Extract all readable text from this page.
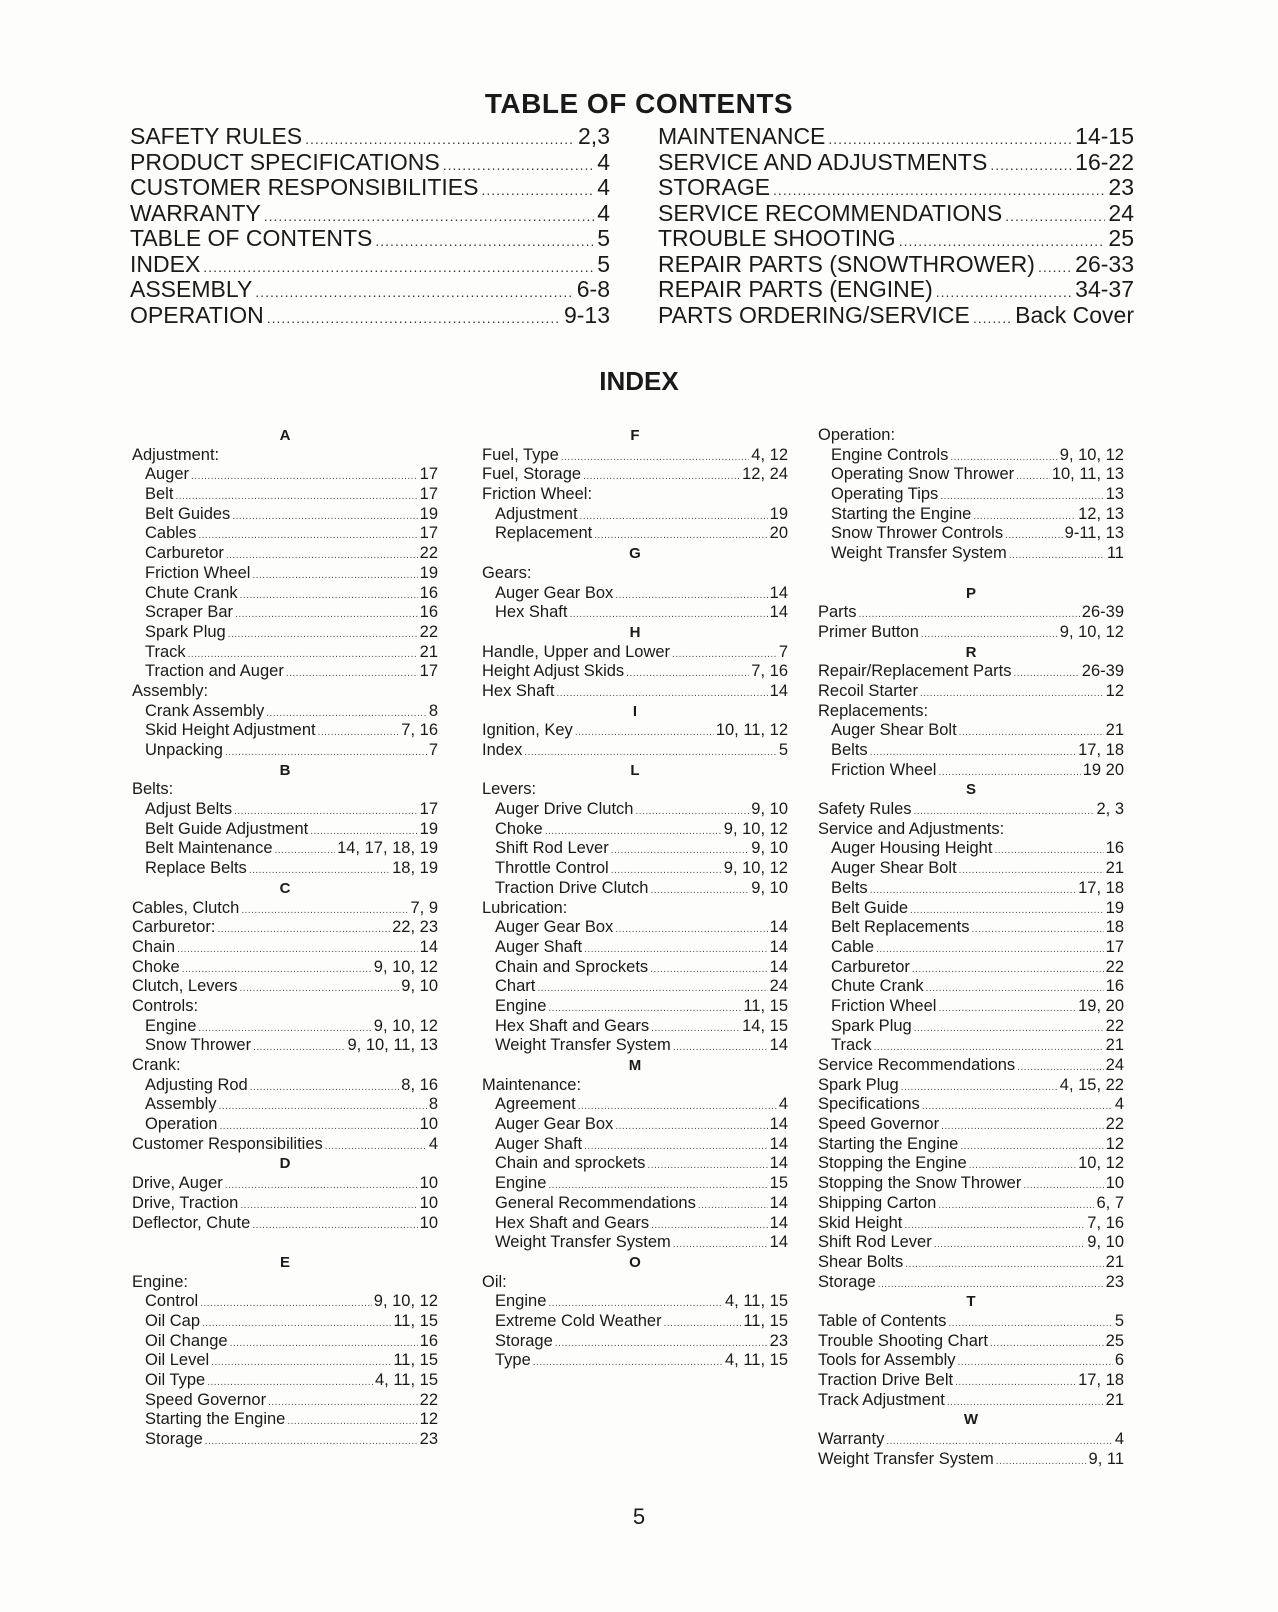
TABLE OF CONTENTS
SAFETY RULES .....	2,3
PRODUCT SPECIFICATIONS .....	4
CUSTOMER RESPONSIBILITIES .....	4
WARRANTY .....	4
TABLE OF CONTENTS .....	5
INDEX .....	5
ASSEMBLY .....	6-8
OPERATION .....	9-13
MAINTENANCE .....	14-15
SERVICE AND ADJUSTMENTS .....	16-22
STORAGE .....	23
SERVICE RECOMMENDATIONS .....	24
TROUBLE SHOOTING .....	25
REPAIR PARTS (SNOWTHROWER) ..... 26-33
REPAIR PARTS (ENGINE) .....	34-37
PARTS ORDERING/SERVICE ..... Back Cover
INDEX
A
Adjustment:
Auger .....	17
Belt .....	17
Belt Guides .....	19
Cables .....	17
Carburetor .....	22
Friction Wheel .....	19
Chute Crank .....	16
Scraper Bar .....	16
Spark Plug .....	22
Track .....	21
Traction and Auger .....	17
Assembly:
Crank Assembly .....	8
Skid Height Adjustment .....	7, 16
Unpacking .....	7
B
Belts:
Adjust Belts .....	17
Belt Guide Adjustment .....	19
Belt Maintenance .....	14, 17, 18, 19
Replace Belts .....	18, 19
C
Cables, Clutch .....	7, 9
Carburetor: .....	22, 23
Chain .....	14
Choke .....	9, 10, 12
Clutch, Levers .....	9, 10
Controls:
Engine .....	9, 10, 12
Snow Thrower .....	9, 10, 11, 13
Crank:
Adjusting Rod .....	8, 16
Assembly .....	8
Operation .....	10
Customer Responsibilities .....	4
D
Drive, Auger .....	10
Drive, Traction .....	10
Deflector, Chute .....	10
E
Engine:
Control .....	9, 10, 12
Oil Cap .....	11, 15
Oil Change .....	16
Oil Level .....	11, 15
Oil Type .....	4, 11, 15
Speed Governor .....	22
Starting the Engine .....	12
Storage .....	23
F
Fuel, Type .....	4, 12
Fuel, Storage .....	12, 24
Friction Wheel:
Adjustment .....	19
Replacement .....	20
G
Gears:
Auger Gear Box .....	14
Hex Shaft .....	14
H
Handle, Upper and Lower .....	7
Height Adjust Skids .....	7, 16
Hex Shaft .....	14
I
Ignition, Key .....	10, 11, 12
Index .....	5
L
Levers:
Auger Drive Clutch .....	9, 10
Choke .....	9, 10, 12
Shift Rod Lever .....	9, 10
Throttle Control .....	9, 10, 12
Traction Drive Clutch .....	9, 10
Lubrication:
Auger Gear Box .....	14
Auger Shaft .....	14
Chain and Sprockets .....	14
Chart .....	24
Engine .....	11, 15
Hex Shaft and Gears .....	14, 15
Weight Transfer System .....	14
M
Maintenance:
Agreement .....	4
Auger Gear Box .....	14
Auger Shaft .....	14
Chain and sprockets .....	14
Engine .....	15
General Recommendations .....	14
Hex Shaft and Gears .....	14
Weight Transfer System .....	14
O
Oil:
Engine .....	4, 11, 15
Extreme Cold Weather .....	11, 15
Storage .....	23
Type .....	4, 11, 15
Operation:
Engine Controls .....	9, 10, 12
Operating Snow Thrower ..... 10, 11, 13
Operating Tips .....	13
Starting the Engine .....	12, 13
Snow Thrower Controls .....	9-11, 13
Weight Transfer System .....	11
P
Parts .....	26-39
Primer Button .....	9, 10, 12
R
Repair/Replacement Parts .....	26-39
Recoil Starter .....	12
Replacements:
Auger Shear Bolt .....	21
Belts .....	17, 18
Friction Wheel .....	19 20
S
Safety Rules .....	2, 3
Service and Adjustments:
Auger Housing Height .....	16
Auger Shear Bolt .....	21
Belts .....	17, 18
Belt Guide .....	19
Belt Replacements .....	18
Cable .....	17
Carburetor .....	22
Chute Crank .....	16
Friction Wheel .....	19, 20
Spark Plug .....	22
Track .....	21
Service Recommendations .....	24
Spark Plug .....	4, 15, 22
Specifications .....	4
Speed Governor .....	22
Starting the Engine .....	12
Stopping the Engine .....	10, 12
Stopping the Snow Thrower .....	10
Shipping Carton .....	6, 7
Skid Height .....	7, 16
Shift Rod Lever .....	9, 10
Shear Bolts .....	21
Storage .....	23
T
Table of Contents .....	5
Trouble Shooting Chart .....	25
Tools for Assembly .....	6
Traction Drive Belt .....	17, 18
Track Adjustment .....	21
W
Warranty .....	4
Weight Transfer System .....	9, 11
5
